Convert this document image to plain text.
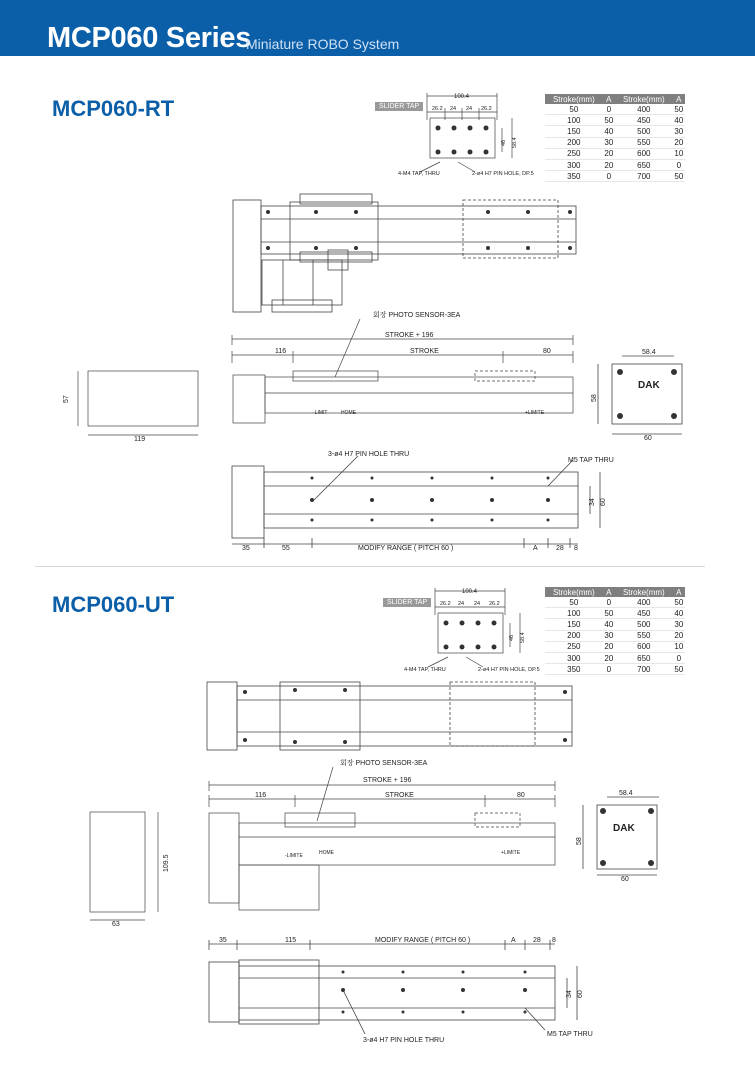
MCP060 Series
Miniature ROBO System
MCP060-RT	Stroke(mm)	A	Stroke(mm)	A
50	0	400	50
100	50	450	40
150	40	500	30
200	30	550	20
250	20	600	10
300	20	650	0
350	0	700	50
SLIDER TAP
100.4
26.2 24 24 26.2
46 58.4
4-M4 TAP, THRU	2-ø4 H7 PIN HOLE, DP.5
회장 PHOTO SENSOR-3EA
STROKE + 196
116	STROKE	80
-LIMIT	HOME	+LIMITE
57
119
DAK
58.4
58
60
3-ø4 H7 PIN HOLE THRU
M5 TAP THRU
34 60
35	55	MODIFY RANGE ( PITCH 60 )	A	28 8
MCP060-UT	Stroke(mm)	A	Stroke(mm)	A
50	0	400	50
100	50	450	40
150	40	500	30
200	30	550	20
250	20	600	10
300	20	650	0
350	0	700	50
SLIDER TAP
100.4
26.2 24 24 26.2
46 58.4
4-M4 TAP, THRU	2-ø4 H7 PIN HOLE, DP.5
회장 PHOTO SENSOR-3EA
STROKE + 196
116	STROKE	80
-LIMITE	HOME	+LIMITE
109.5
63
DAK
58.4
58
60
35	115	MODIFY RANGE ( PITCH 60 )	A 28 8
34 60
M5 TAP THRU
3-ø4 H7 PIN HOLE THRU
